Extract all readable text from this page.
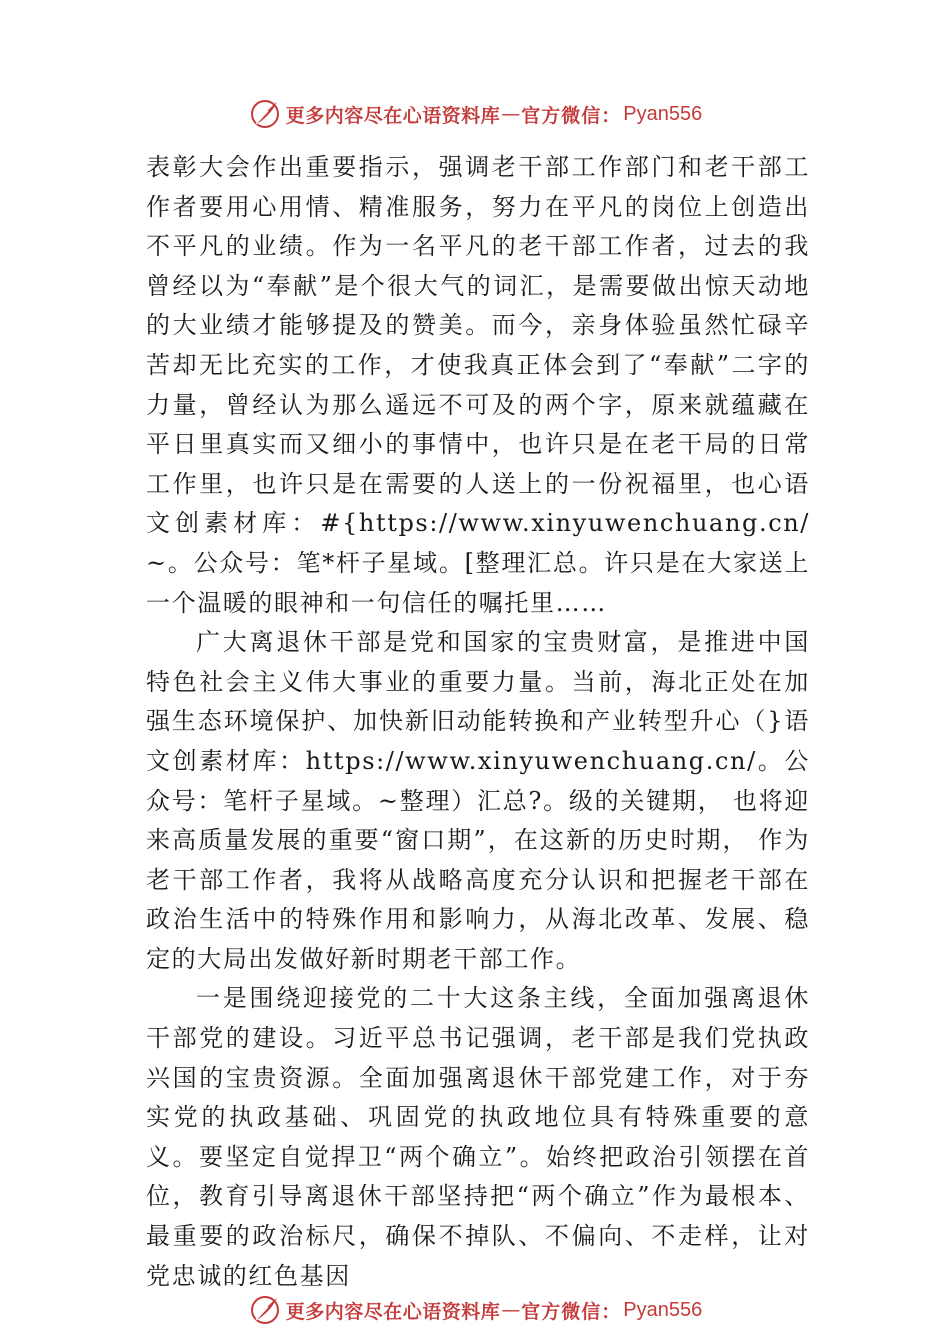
更多内容尽在心语资料库 — 官方微信： Pyan556

表彰大会作出重要指示，强调老干部工作部门和老干部工作者要用心用情、精准服务，努力在平凡的岗位上创造出不平凡的业绩。作为一名平凡的老干部工作者，过去的我曾经以为“奉献”是个很大气的词汇，是需要做出惊天动地的大业绩才能够提及的赞美。而今，亲身体验虽然忙碌辛苦却无比充实的工作，才使我真正体会到了“奉献”二字的力量，曾经认为那么遥远不可及的两个字，原来就蕴藏在平日里真实而又细小的事情中，也许只是在老干局的日常工作里，也许只是在需要的人送上的一份祝福里，也心语文创素材库：#{https://www.xinyuwenchuang.cn/~。公众号：笔*杆子星域。[整理汇总。许只是在大家送上一个温暖的眼神和一句信任的嘱托里……

广大离退休干部是党和国家的宝贵财富，是推进中国特色社会主义伟大事业的重要力量。当前，海北正处在加强生态环境保护、加快新旧动能转换和产业转型升心（}语文创素材库：https://www.xinyuwenchuang.cn/。公众号：笔杆子星域。~整理）汇总?。级的关键期， 也将迎来高质量发展的重要“窗口期”，在这新的历史时期， 作为老干部工作者，我将从战略高度充分认识和把握老干部在政治生活中的特殊作用和影响力，从海北改革、发展、稳定的大局出发做好新时期老干部工作。

一是围绕迎接党的二十大这条主线，全面加强离退休干部党的建设。习近平总书记强调，老干部是我们党执政兴国的宝贵资源。全面加强离退休干部党建工作，对于夯实党的执政基础、巩固党的执政地位具有特殊重要的意义。要坚定自觉捍卫“两个确立”。始终把政治引领摆在首位，教育引导离退休干部坚持把“两个确立”作为最根本、最重要的政治标尺，确保不掉队、不偏向、不走样，让对党忠诚的红色基因

更多内容尽在心语资料库 — 官方微信： Pyan556
